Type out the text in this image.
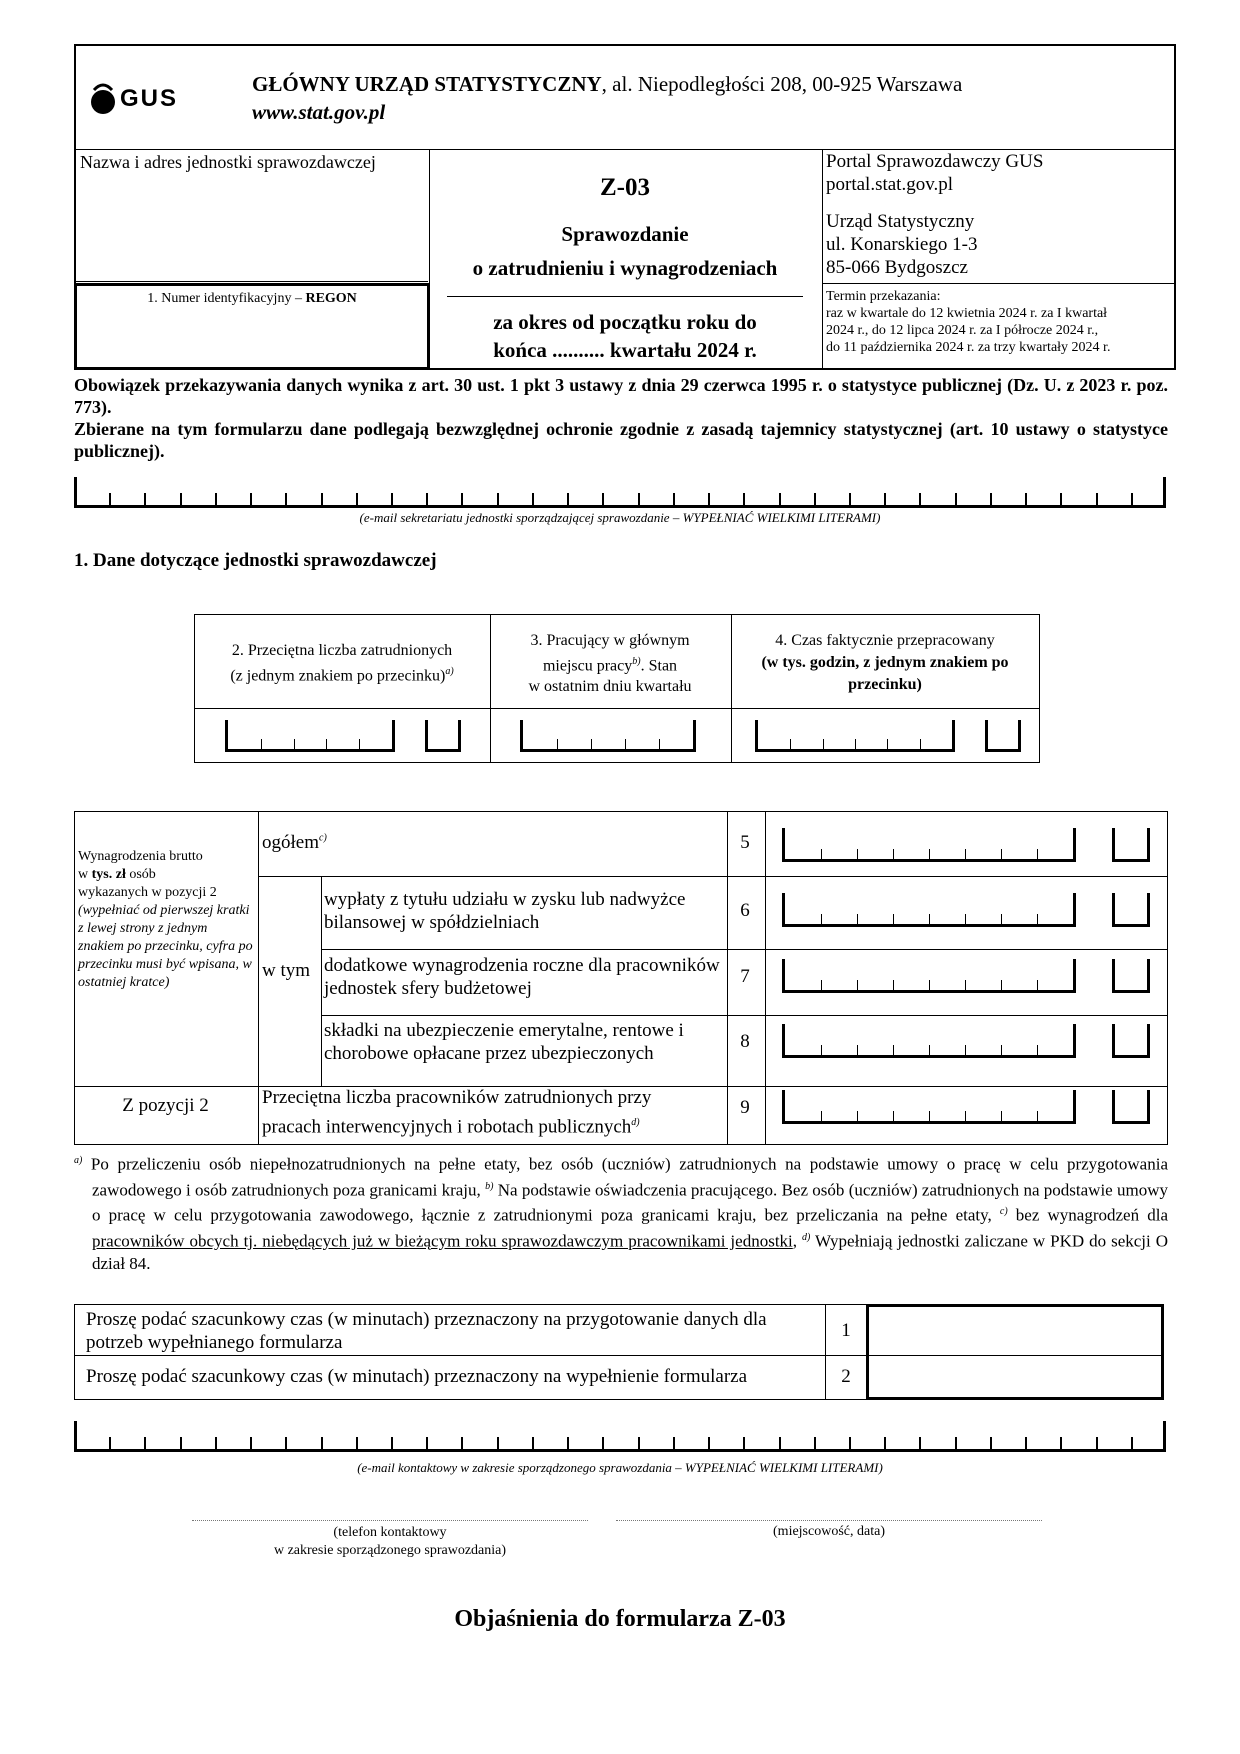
GUS
GŁÓWNY URZĄD STATYSTYCZNY, al. Niepodległości 208, 00-925 Warszawa
www.stat.gov.pl
Nazwa i adres jednostki sprawozdawczej
1. Numer identyfikacyjny – REGON
Z-03
Sprawozdanie
o zatrudnieniu i wynagrodzeniach
za okres od początku roku do
końca .......... kwartału 2024 r.
Portal Sprawozdawczy GUS
portal.stat.gov.pl
Urząd Statystyczny
ul. Konarskiego 1-3
85-066 Bydgoszcz
Termin przekazania:
raz w kwartale do 12 kwietnia 2024 r. za I kwartał
2024 r., do 12 lipca 2024 r. za I półrocze 2024 r.,
do 11 października 2024 r. za trzy kwartały 2024 r.
Obowiązek przekazywania danych wynika z art. 30 ust. 1 pkt 3 ustawy z dnia 29 czerwca 1995 r. o statystyce publicznej (Dz. U. z 2023 r. poz. 773).
Zbierane na tym formularzu dane podlegają bezwzględnej ochronie zgodnie z zasadą tajemnicy statystycznej (art. 10 ustawy o statystyce publicznej).
(e-mail sekretariatu jednostki sporządzającej sprawozdanie – WYPEŁNIAĆ WIELKIMI LITERAMI)
1. Dane dotyczące jednostki sprawozdawczej
2. Przeciętna liczba zatrudnionych
(z jednym znakiem po przecinku)$^{a)}$
3. Pracujący w głównym
miejscu pracy$^{b)}$. Stan
w ostatnim dniu kwartału
4. Czas faktycznie przepracowany
(w tys. godzin, z jednym znakiem po przecinku)
Wynagrodzenia brutto
w tys. zł osób
wykazanych w pozycji 2
(wypełniać od pierwszej kratki z lewej strony z jednym znakiem po przecinku, cyfra po przecinku musi być wpisana, w ostatniej kratce)
ogółem$^{c)}$
w tym
wypłaty z tytułu udziału w zysku lub nadwyżce bilansowej w spółdzielniach
dodatkowe wynagrodzenia roczne dla pracowników jednostek sfery budżetowej
składki na ubezpieczenie emerytalne, rentowe i chorobowe opłacane przez ubezpieczonych
Z pozycji 2	Przeciętna liczba pracowników zatrudnionych przy pracach interwencyjnych i robotach publicznych$^{d)}$
5
6
7
8
9
$^{a)}$ Po przeliczeniu osób niepełnozatrudnionych na pełne etaty, bez osób (uczniów) zatrudnionych na podstawie umowy o pracę w celu przygotowania zawodowego i osób zatrudnionych poza granicami kraju, $^{b)}$ Na podstawie oświadczenia pracującego. Bez osób (uczniów) zatrudnionych na podstawie umowy o pracę w celu przygotowania zawodowego, łącznie z zatrudnionymi poza granicami kraju, bez przeliczania na pełne etaty, $^{c)}$ bez wynagrodzeń dla pracowników obcych tj. niebędących już w bieżącym roku sprawozdawczym pracownikami jednostki, $^{d)}$ Wypełniają jednostki zaliczane w PKD do sekcji O dział 84.
Proszę podać szacunkowy czas (w minutach) przeznaczony na przygotowanie danych dla potrzeb wypełnianego formularza
Proszę podać szacunkowy czas (w minutach) przeznaczony na wypełnienie formularza
1
2
(e-mail kontaktowy w zakresie sporządzonego sprawozdania – WYPEŁNIAĆ WIELKIMI LITERAMI)
(telefon kontaktowy
w zakresie sporządzonego sprawozdania)
(miejscowość, data)
Objaśnienia do formularza Z-03
